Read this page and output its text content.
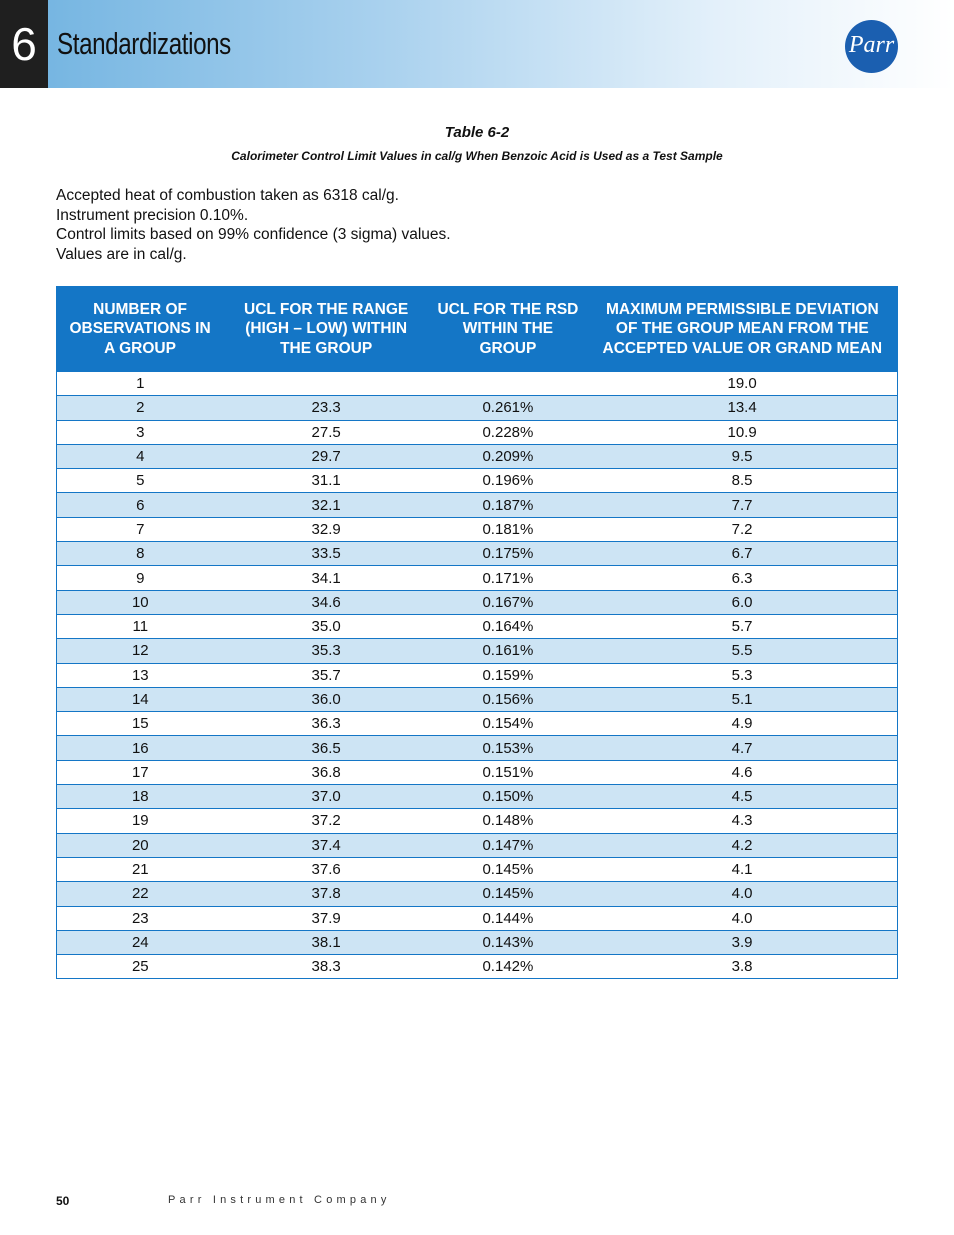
6 Standardizations	Parr
Table 6-2
Calorimeter Control Limit Values in cal/g When Benzoic Acid is Used as a Test Sample
Accepted heat of combustion taken as 6318 cal/g.
Instrument precision 0.10%.
Control limits based on 99% confidence (3 sigma) values.
Values are in cal/g.
NUMBER OF OBSERVATIONS IN A GROUP	UCL FOR THE RANGE (HIGH – LOW) WITHIN THE GROUP	UCL FOR THE RSD WITHIN THE GROUP	MAXIMUM PERMISSIBLE DEVIATION OF THE GROUP MEAN FROM THE ACCEPTED VALUE OR GRAND MEAN
1			19.0
2	23.3	0.261%	13.4
3	27.5	0.228%	10.9
4	29.7	0.209%	9.5
5	31.1	0.196%	8.5
6	32.1	0.187%	7.7
7	32.9	0.181%	7.2
8	33.5	0.175%	6.7
9	34.1	0.171%	6.3
10	34.6	0.167%	6.0
11	35.0	0.164%	5.7
12	35.3	0.161%	5.5
13	35.7	0.159%	5.3
14	36.0	0.156%	5.1
15	36.3	0.154%	4.9
16	36.5	0.153%	4.7
17	36.8	0.151%	4.6
18	37.0	0.150%	4.5
19	37.2	0.148%	4.3
20	37.4	0.147%	4.2
21	37.6	0.145%	4.1
22	37.8	0.145%	4.0
23	37.9	0.144%	4.0
24	38.1	0.143%	3.9
25	38.3	0.142%	3.8
50	Parr Instrument Company
